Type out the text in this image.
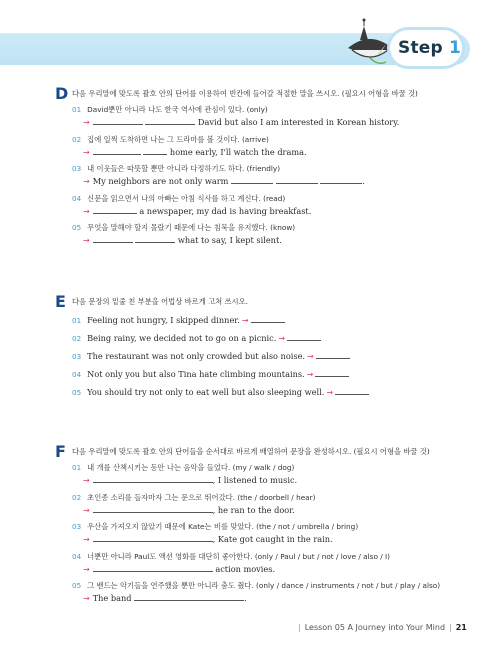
Step 1
D 다음 우리말에 맞도록 괄호 안의 단어를 이용하여 빈칸에 들어갈 적절한 말을 쓰시오. (필요시 어형을 바꿀 것)
01 David뿐만 아니라 나도 한국 역사에 관심이 있다. (only)
→	David but also I am interested in Korean history.
02 집에 일찍 도착하면 나는 그 드라마를 볼 것이다. (arrive)
→	home early, I'll watch the drama.
03 내 이웃들은 따뜻할 뿐만 아니라 다정하기도 하다. (friendly)
→ My neighbors are not only warm	.
04 신문을 읽으면서 나의 아빠는 아침 식사를 하고 계신다. (read)
→	a newspaper, my dad is having breakfast.
05 무엇을 말해야 할지 몰랐기 때문에 나는 침묵을 유지했다. (know)
→	what to say, I kept silent.
E 다음 문장의 밑줄 친 부분을 어법상 바르게 고쳐 쓰시오.
01 Feeling not hungry, I skipped dinner. →
02 Being rainy, we decided not to go on a picnic. →
03 The restaurant was not only crowded but also noise. →
04 Not only you but also Tina hate climbing mountains. →
05 You should try not only to eat well but also sleeping well. →
F 다음 우리말에 맞도록 괄호 안의 단어들을 순서대로 바르게 배열하여 문장을 완성하시오. (필요시 어형을 바꿀 것)
01 내 개를 산책시키는 동안 나는 음악을 들었다. (my / walk / dog)
→	, I listened to music.
02 초인종 소리를 들자마자 그는 문으로 뛰어갔다. (the / doorbell / hear)
→	, he ran to the door.
03 우산을 가져오지 않았기 때문에 Kate는 비를 맞았다. (the / not / umbrella / bring)
→	, Kate got caught in the rain.
04 너뿐만 아니라 Paul도 액션 영화를 대단히 좋아한다. (only / Paul / but / not / love / also / I)
→	action movies.
05 그 밴드는 악기들을 연주했을 뿐만 아니라 춤도 췄다. (only / dance / instruments / not / but / play / also)
→ The band	.
| Lesson 05 A Journey into Your Mind | 21
